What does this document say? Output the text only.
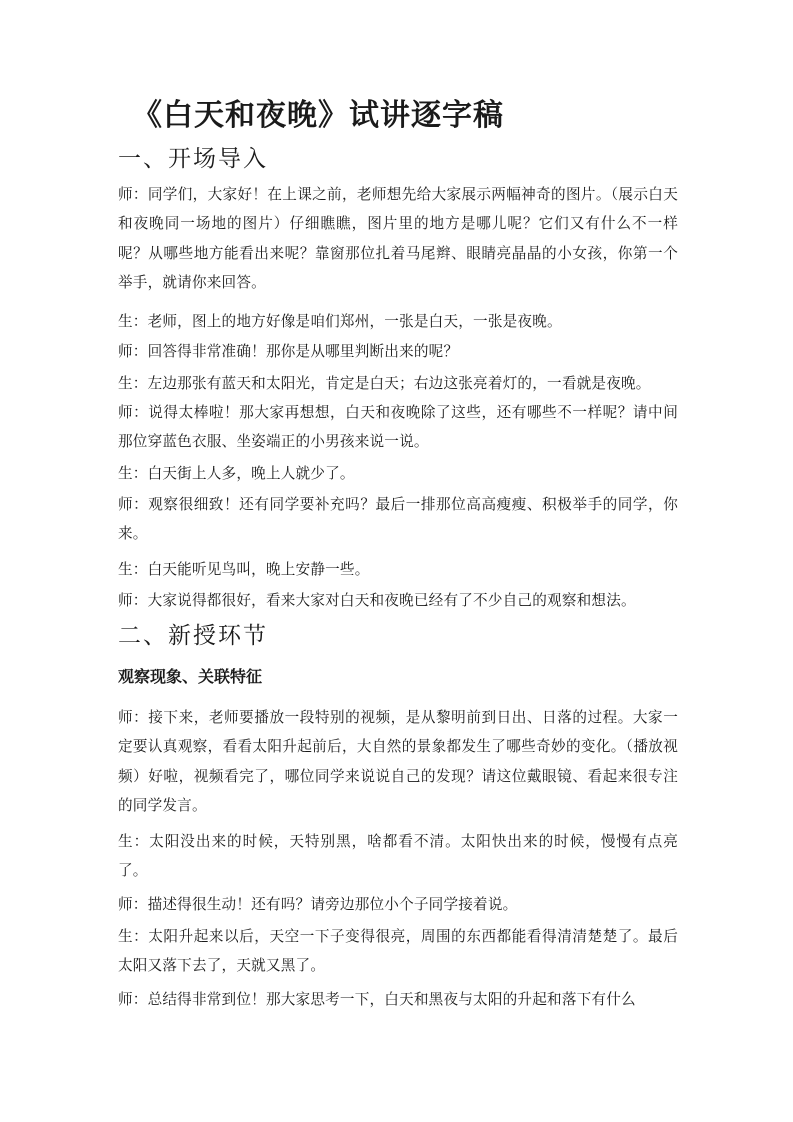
《白天和夜晚》试讲逐字稿
一、开场导入

师：同学们，大家好！在上课之前，老师想先给大家展示两幅神奇的图片。（展示白天和夜晚同一场地的图片）仔细瞧瞧，图片里的地方是哪儿呢？它们又有什么不一样呢？从哪些地方能看出来呢？靠窗那位扎着马尾辫、眼睛亮晶晶的小女孩，你第一个举手，就请你来回答。

生：老师，图上的地方好像是咱们郑州，一张是白天，一张是夜晚。

师：回答得非常准确！那你是从哪里判断出来的呢？

生：左边那张有蓝天和太阳光，肯定是白天；右边这张亮着灯的，一看就是夜晚。

师：说得太棒啦！那大家再想想，白天和夜晚除了这些，还有哪些不一样呢？请中间那位穿蓝色衣服、坐姿端正的小男孩来说一说。

生：白天街上人多，晚上人就少了。

师：观察很细致！还有同学要补充吗？最后一排那位高高瘦瘦、积极举手的同学，你来。

生：白天能听见鸟叫，晚上安静一些。

师：大家说得都很好，看来大家对白天和夜晚已经有了不少自己的观察和想法。

二、新授环节
观察现象、关联特征

师：接下来，老师要播放一段特别的视频，是从黎明前到日出、日落的过程。大家一定要认真观察，看看太阳升起前后，大自然的景象都发生了哪些奇妙的变化。（播放视频）好啦，视频看完了，哪位同学来说说自己的发现？请这位戴眼镜、看起来很专注的同学发言。

生：太阳没出来的时候，天特别黑，啥都看不清。太阳快出来的时候，慢慢有点亮了。

师：描述得很生动！还有吗？请旁边那位小个子同学接着说。

生：太阳升起来以后，天空一下子变得很亮，周围的东西都能看得清清楚楚了。最后太阳又落下去了，天就又黑了。

师：总结得非常到位！那大家思考一下，白天和黑夜与太阳的升起和落下有什么
